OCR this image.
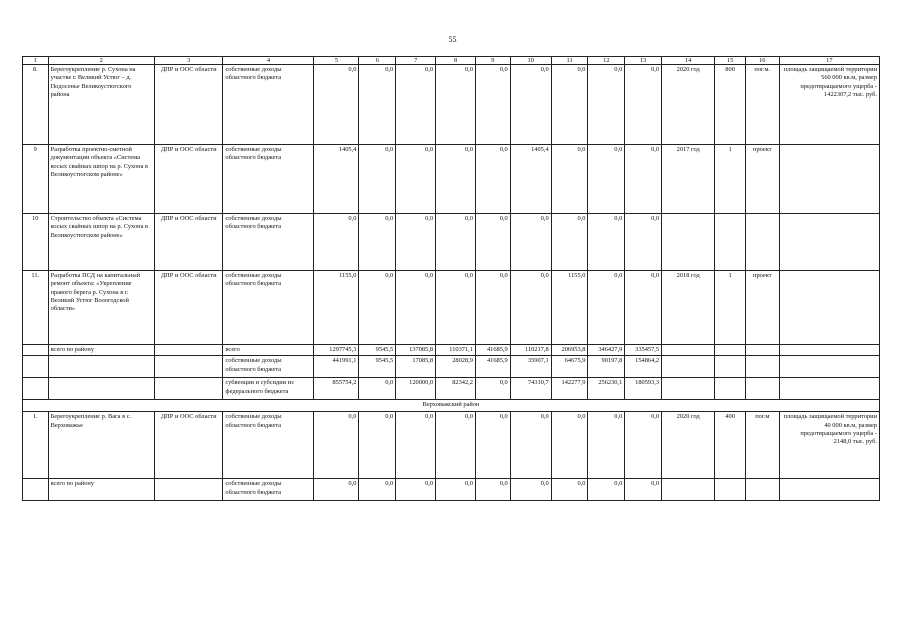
55
1	2	3	4	5	6	7	8	9	10	11	12	13	14	15	16	17
8.	Берегоукрепление р. Сухона на участке г. Великий Устюг – д. Подосенье Великоустюгского района	ДПР и ООС области	собственные доходы областного бюджета	0,0	0,0	0,0	0,0	0,0	0,0	0,0	0,0	0,0	2020 год	800	пог.м.	площадь защищаемой территории 560 000 кв.м, размер предотвращаемого ущерба - 1422307,2 тыс. руб.
9	Разработка проектно-сметной документации объекта «Система косых свайных шпор на р. Сухона в Великоустюгском районе»	ДПР и ООС области	собственные доходы областного бюджета	1405,4	0,0	0,0	0,0	0,0	1405,4	0,0	0,0	0,0	2017 год	1	проект	
10	Строительство объекта «Система косых свайных шпор на р. Сухона в Великоустюгском районе»	ДПР и ООС области	собственные доходы областного бюджета	0,0	0,0	0,0	0,0	0,0	0,0	0,0	0,0	0,0				
11.	Разработка ПСД на капитальный ремонт объекта: «Укрепление правого берега р. Сухона в г. Великий Устюг Вологодской области»	ДПР и ООС области	собственные доходы областного бюджета	1155,0	0,0	0,0	0,0	0,0	0,0	1155,0	0,0	0,0	2018 год	1	проект	
	всего по району		всего	1297745,3	9545,5	137085,8	110371,1	41685,9	110217,8	206953,8	346427,9	335457,5				
			собственные доходы областного бюджета	441991,1	9545,5	17085,8	28028,9	41685,9	35907,1	64675,9	90197,8	154864,2				
			субвенции и субсидии из федерального бюджета	855754,2	0,0	120000,0	82342,2	0,0	74310,7	142277,9	256230,1	180593,3				
Верховажский район																
1.	Берегоукрепление р. Вага в с. Верховажье	ДПР и ООС области	собственные доходы областного бюджета	0,0	0,0	0,0	0,0	0,0	0,0	0,0	0,0	0,0	2020 год	400	пог.м	площадь защищаемой территории 40 000 кв.м, размер предотвращаемого ущерба - 2148,0 тыс. руб.
	всего по району		собственные доходы областного бюджета	0,0	0,0	0,0	0,0	0,0	0,0	0,0	0,0	0,0				
